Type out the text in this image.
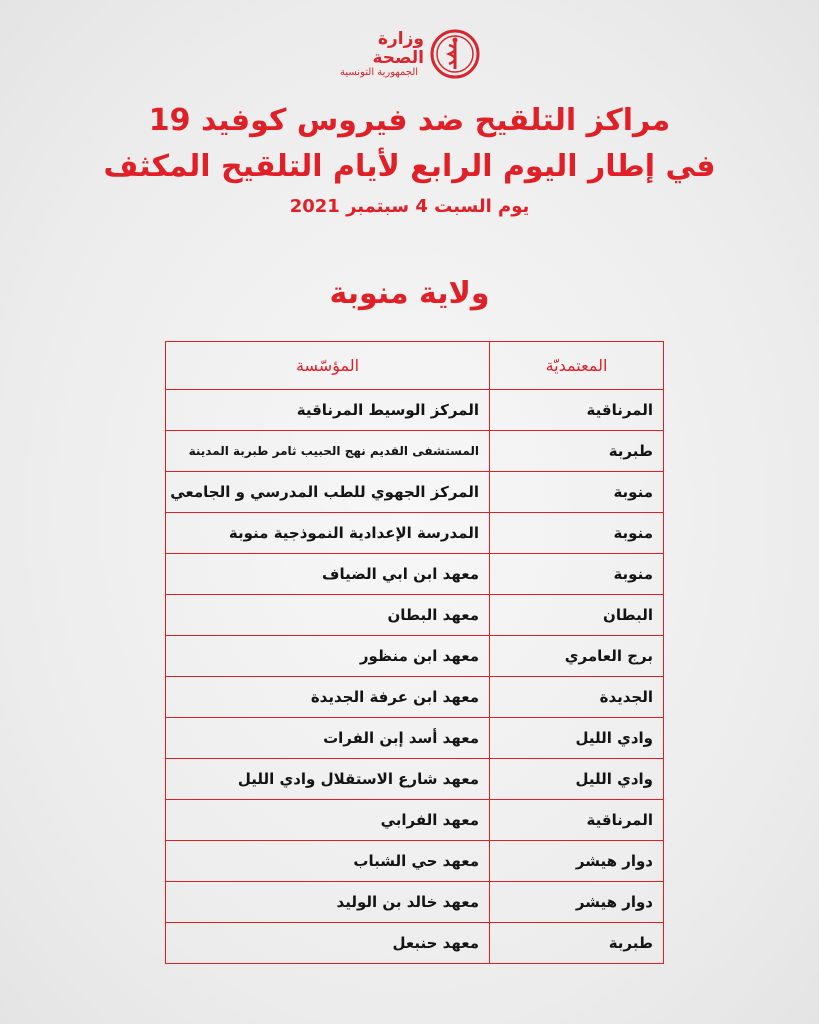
وزارة الصحة
الجمهورية التونسية
مراكز التلقيح ضد فيروس كوفيد 19
في إطار اليوم الرابع لأيام التلقيح المكثف
يوم السبت 4 سبتمبر 2021
ولاية منوبة
المعتمديّة	المؤسّسة
المرناقية	المركز الوسيط المرناقية
طبربة	المستشفى القديم نهج الحبيب ثامر طبربة المدينة
منوبة	المركز الجهوي للطب المدرسي و الجامعي
منوبة	المدرسة الإعدادية النموذجية منوبة
منوبة	معهد ابن ابي الضياف
البطان	معهد البطان
برج العامري	معهد ابن منظور
الجديدة	معهد ابن عرفة الجديدة
وادي الليل	معهد أسد إبن الفرات
وادي الليل	معهد شارع الاستقلال وادي الليل
المرناقية	معهد الفرابي
دوار هيشر	معهد حي الشباب
دوار هيشر	معهد خالد بن الوليد
طبربة	معهد حنبعل
